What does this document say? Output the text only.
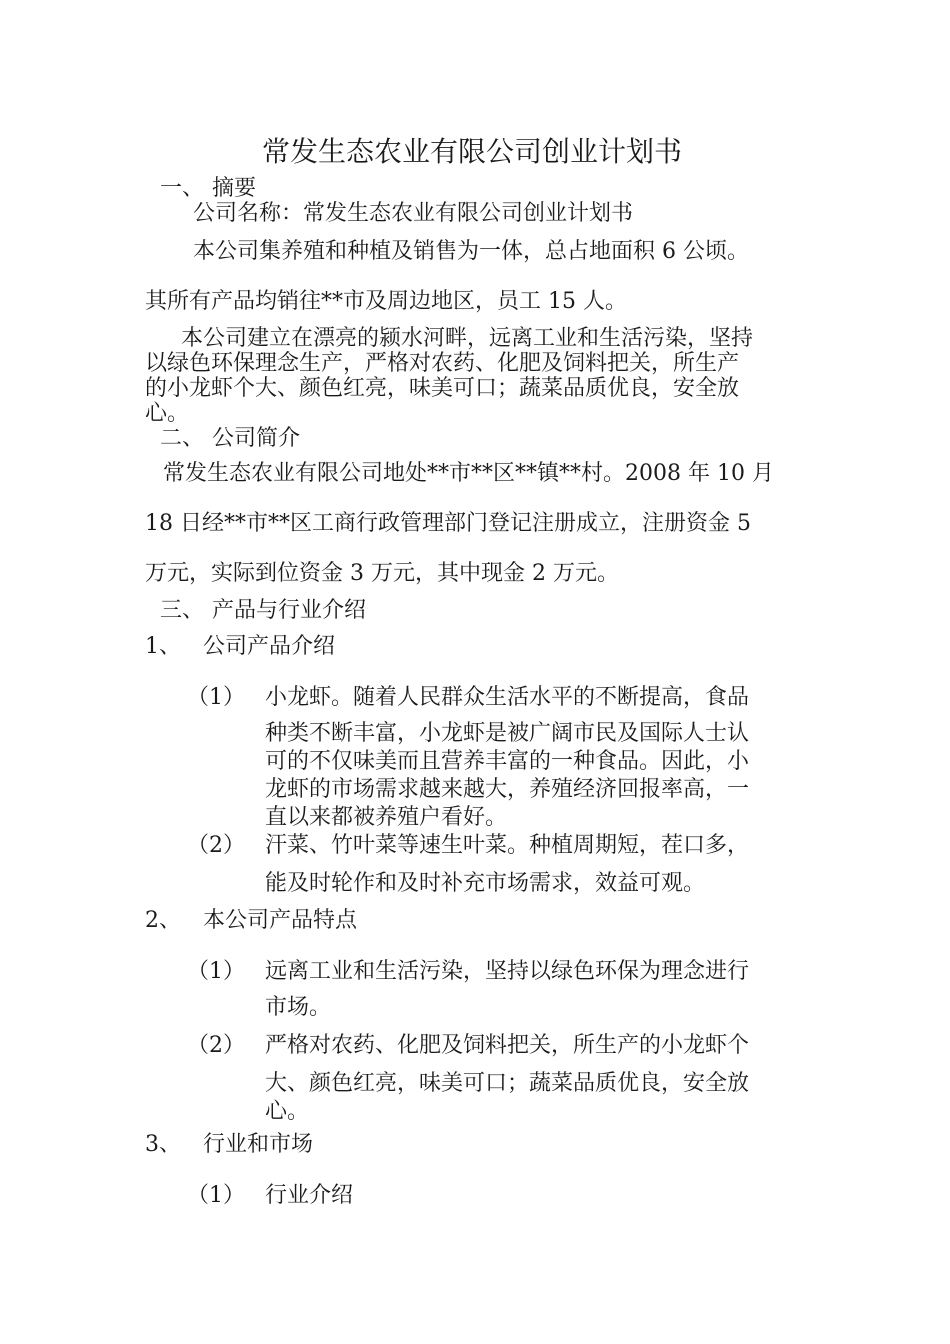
常发生态农业有限公司创业计划书
一、 摘要
公司名称：常发生态农业有限公司创业计划书
本公司集养殖和种植及销售为一体，总占地面积 6 公顷。
其所有产品均销往**市及周边地区，员工 15 人。
本公司建立在漂亮的颍水河畔，远离工业和生活污染，坚持
以绿色环保理念生产，严格对农药、化肥及饲料把关，所生产
的小龙虾个大、颜色红亮，味美可口；蔬菜品质优良，安全放
心。
二、 公司简介
常发生态农业有限公司地处**市**区**镇**村。2008 年 10 月
18 日经**市**区工商行政管理部门登记注册成立，注册资金 5
万元，实际到位资金 3 万元，其中现金 2 万元。
三、 产品与行业介绍
1、 公司产品介绍
（1） 小龙虾。随着人民群众生活水平的不断提高，食品
种类不断丰富，小龙虾是被广阔市民及国际人士认
可的不仅味美而且营养丰富的一种食品。因此，小
龙虾的市场需求越来越大，养殖经济回报率高，一
直以来都被养殖户看好。
（2） 汗菜、竹叶菜等速生叶菜。种植周期短，茬口多，
能及时轮作和及时补充市场需求，效益可观。
2、 本公司产品特点
（1） 远离工业和生活污染，坚持以绿色环保为理念进行
市场。
（2） 严格对农药、化肥及饲料把关，所生产的小龙虾个
大、颜色红亮，味美可口；蔬菜品质优良，安全放
心。
3、 行业和市场
（1） 行业介绍
